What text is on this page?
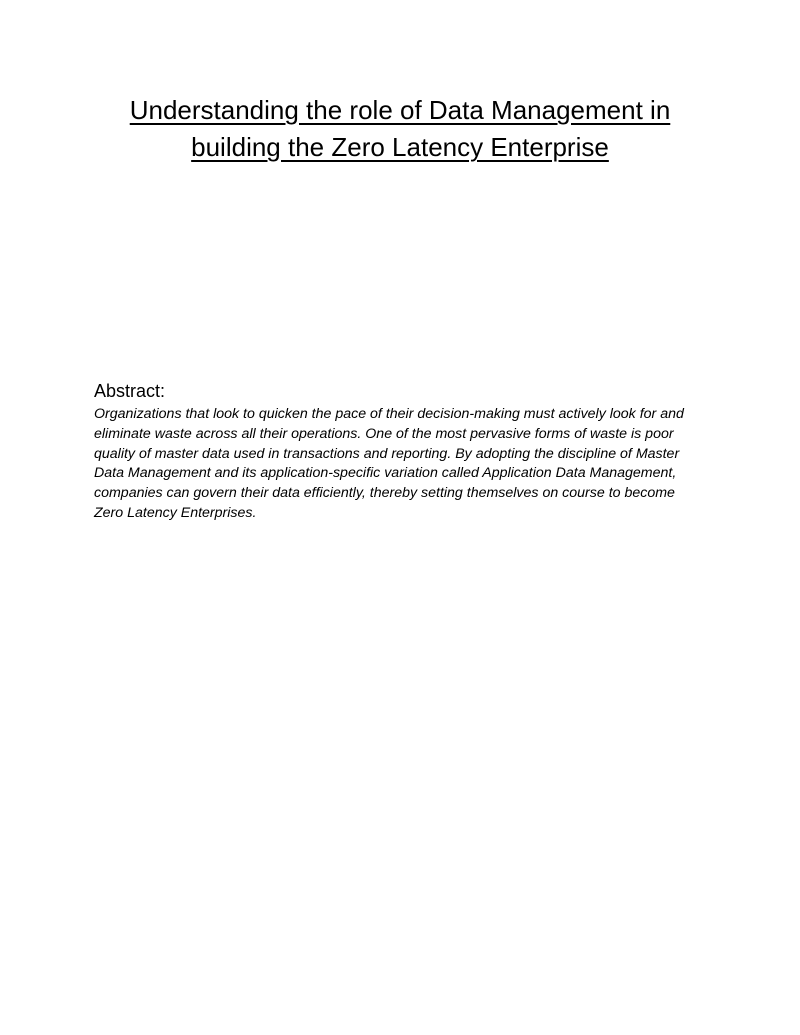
Understanding the role of Data Management in
building the Zero Latency Enterprise
Abstract:

Organizations that look to quicken the pace of their decision-making must actively look for and
eliminate waste across all their operations. One of the most pervasive forms of waste is poor
quality of master data used in transactions and reporting. By adopting the discipline of Master
Data Management and its application-specific variation called Application Data Management,
companies can govern their data efficiently, thereby setting themselves on course to become
Zero Latency Enterprises.
